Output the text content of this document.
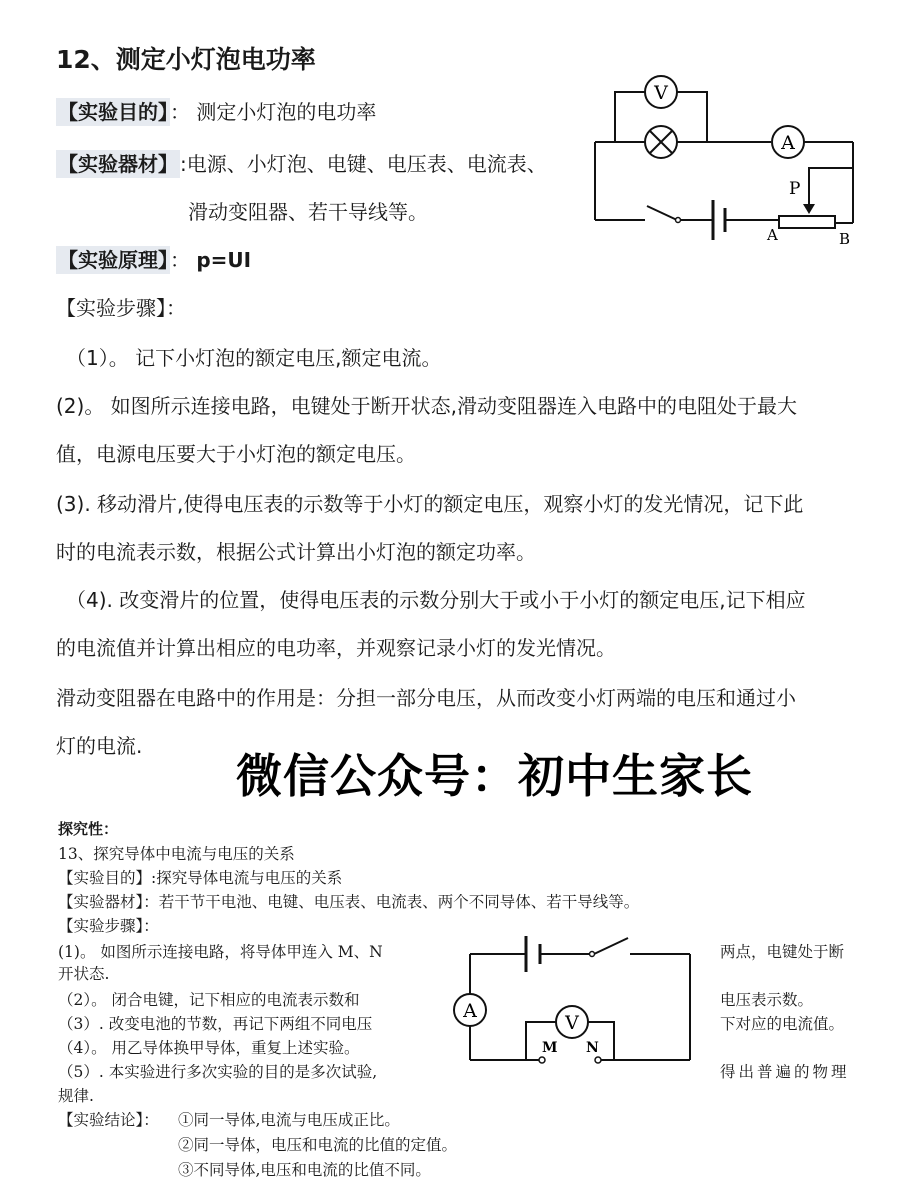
12、测定小灯泡电功率
【实验目的】 ： 测定小灯泡的电功率
【实验器材】 :电源、小灯泡、电键、电压表、电流表、
滑动变阻器、若干导线等。
【实验原理】 ： p=UI
【实验步骤】：
（1）。 记下小灯泡的额定电压,额定电流。
(2)。 如图所示连接电路，电键处于断开状态,滑动变阻器连入电路中的电阻处于最大
值，电源电压要大于小灯泡的额定电压。
(3). 移动滑片,使得电压表的示数等于小灯的额定电压，观察小灯的发光情况，记下此
时的电流表示数，根据公式计算出小灯泡的额定功率。
（4). 改变滑片的位置，使得电压表的示数分别大于或小于小灯的额定电压,记下相应
的电流值并计算出相应的电功率，并观察记录小灯的发光情况。
滑动变阻器在电路中的作用是：分担一部分电压，从而改变小灯两端的电压和通过小
灯的电流.
V
A
P
A	B
微信公众号：初中生家长
探究性：
13、探究导体中电流与电压的关系
【实验目的】:探究导体电流与电压的关系
【实验器材】：若干节干电池、电键、电压表、电流表、两个不同导体、若干导线等。
【实验步骤】：
(1)。 如图所示连接电路，将导体甲连入 M、N	两点，电键处于断
开状态.
（2）。 闭合电键，记下相应的电流表示数和	电压表示数。
（3）. 改变电池的节数，再记下两组不同电压	下对应的电流值。
（4）。 用乙导体换甲导体，重复上述实验。
（5）. 本实验进行多次实验的目的是多次试验,	得出普遍的物理
规律.
【实验结论】： ①同一导体,电流与电压成正比。
②同一导体，电压和电流的比值的定值。
③不同导体,电压和电流的比值不同。
A
V
M N
